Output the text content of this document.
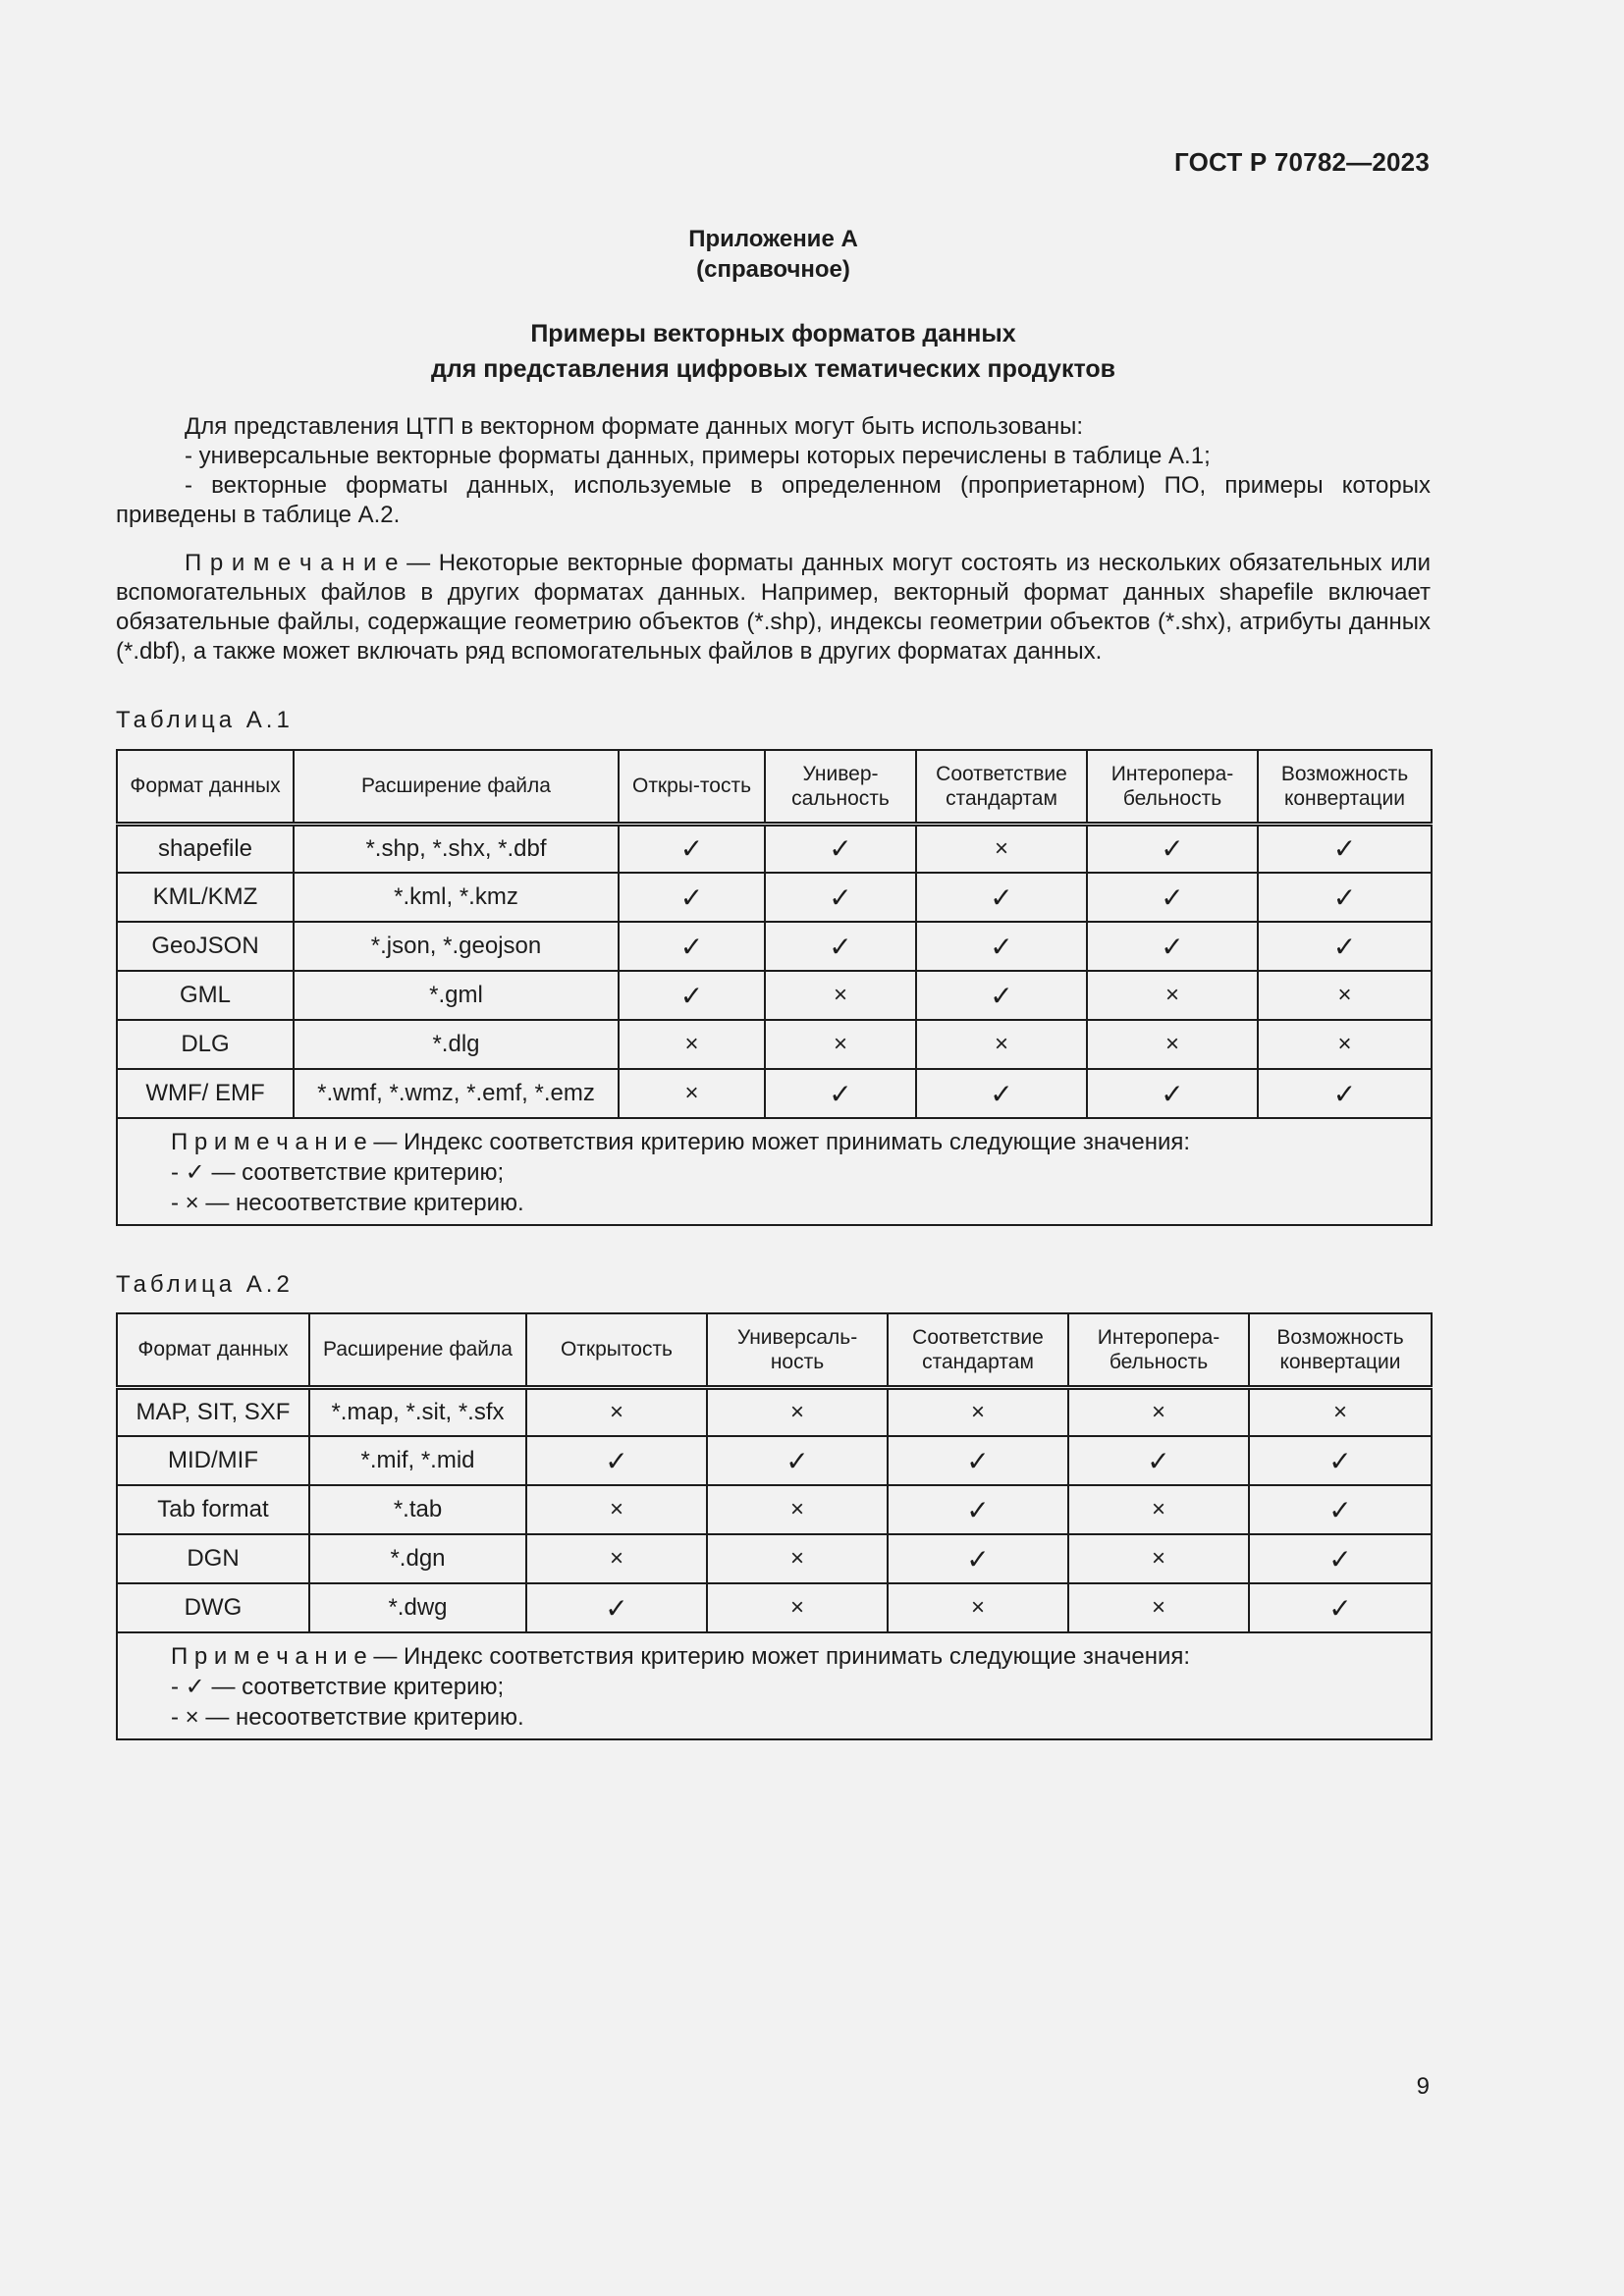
ГОСТ Р 70782—2023
Приложение А
(справочное)
Примеры векторных форматов данных
для представления цифровых тематических продуктов

Для представления ЦТП в векторном формате данных могут быть использованы:

- универсальные векторные форматы данных, примеры которых перечислены в таблице А.1;

- векторные форматы данных, используемые в определенном (проприетарном) ПО, примеры которых приведены в таблице А.2.

П р и м е ч а н и е — Некоторые векторные форматы данных могут состоять из нескольких обязательных или вспомогательных файлов в других форматах данных. Например, векторный формат данных shapefile включает обязательные файлы, содержащие геометрию объектов (*.shp), индексы геометрии объектов (*.shx), атрибуты данных (*.dbf), а также может включать ряд вспомогательных файлов в других форматах данных.

Таблица А.1
Формат данных	Расширение файла	Откры-тость	Универ-сальность	Соответствие стандартам	Интеропера-бельность	Возможность конвертации
shapefile	*.shp, *.shx, *.dbf	✓	✓	×	✓	✓
KML/KMZ	*.kml, *.kmz	✓	✓	✓	✓	✓
GeoJSON	*.json, *.geojson	✓	✓	✓	✓	✓
GML	*.gml	✓	×	✓	×	×
DLG	*.dlg	×	×	×	×	×
WMF/ EMF	*.wmf, *.wmz, *.emf, *.emz	×	✓	✓	✓	✓

П р и м е ч а н и е — Индекс соответствия критерию может принимать следующие значения:
- ✓ — соответствие критерию;
- × — несоответствие критерию.						
Таблица А.2
Формат данных	Расширение файла	Открытость	Универсаль-ность	Соответствие стандартам	Интеропера-бельность	Возможность конвертации
MAP, SIT, SXF	*.map, *.sit, *.sfx	×	×	×	×	×
MID/MIF	*.mif, *.mid	✓	✓	✓	✓	✓
Tab format	*.tab	×	×	✓	×	✓
DGN	*.dgn	×	×	✓	×	✓
DWG	*.dwg	✓	×	×	×	✓

П р и м е ч а н и е — Индекс соответствия критерию может принимать следующие значения:
- ✓ — соответствие критерию;
- × — несоответствие критерию.						
9
